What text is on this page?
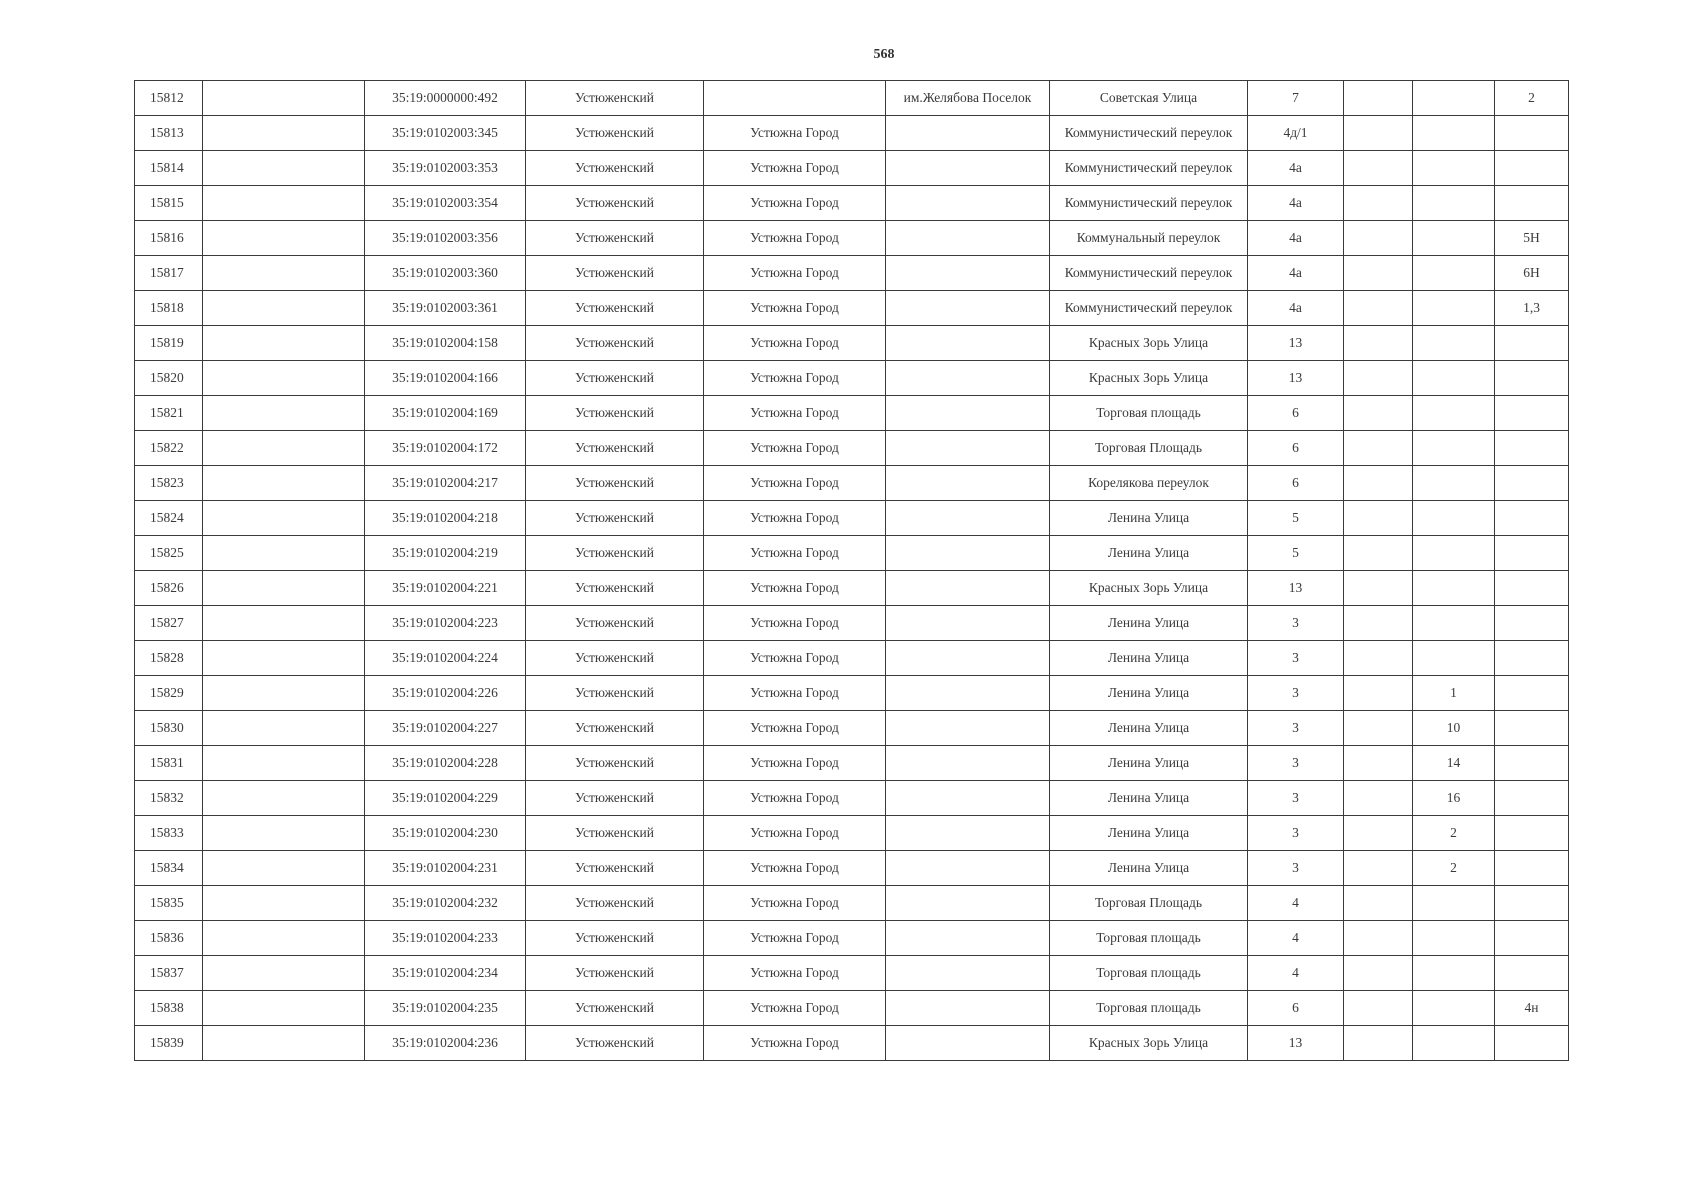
568
15812		35:19:0000000:492	Устюженский		им.Желябова Поселок	Советская Улица	7			2
15813		35:19:0102003:345	Устюженский	Устюжна Город		Коммунистический переулок	4д/1			
15814		35:19:0102003:353	Устюженский	Устюжна Город		Коммунистический переулок	4а			
15815		35:19:0102003:354	Устюженский	Устюжна Город		Коммунистический переулок	4а			
15816		35:19:0102003:356	Устюженский	Устюжна Город		Коммунальный переулок	4а			5Н
15817		35:19:0102003:360	Устюженский	Устюжна Город		Коммунистический переулок	4а			6Н
15818		35:19:0102003:361	Устюженский	Устюжна Город		Коммунистический переулок	4а			1,3
15819		35:19:0102004:158	Устюженский	Устюжна Город		Красных Зорь Улица	13			
15820		35:19:0102004:166	Устюженский	Устюжна Город		Красных Зорь Улица	13			
15821		35:19:0102004:169	Устюженский	Устюжна Город		Торговая площадь	6			
15822		35:19:0102004:172	Устюженский	Устюжна Город		Торговая Площадь	6			
15823		35:19:0102004:217	Устюженский	Устюжна Город		Корелякова переулок	6			
15824		35:19:0102004:218	Устюженский	Устюжна Город		Ленина Улица	5			
15825		35:19:0102004:219	Устюженский	Устюжна Город		Ленина Улица	5			
15826		35:19:0102004:221	Устюженский	Устюжна Город		Красных Зорь Улица	13			
15827		35:19:0102004:223	Устюженский	Устюжна Город		Ленина Улица	3			
15828		35:19:0102004:224	Устюженский	Устюжна Город		Ленина Улица	3			
15829		35:19:0102004:226	Устюженский	Устюжна Город		Ленина Улица	3		1	
15830		35:19:0102004:227	Устюженский	Устюжна Город		Ленина Улица	3		10	
15831		35:19:0102004:228	Устюженский	Устюжна Город		Ленина Улица	3		14	
15832		35:19:0102004:229	Устюженский	Устюжна Город		Ленина Улица	3		16	
15833		35:19:0102004:230	Устюженский	Устюжна Город		Ленина Улица	3		2	
15834		35:19:0102004:231	Устюженский	Устюжна Город		Ленина Улица	3		2	
15835		35:19:0102004:232	Устюженский	Устюжна Город		Торговая Площадь	4			
15836		35:19:0102004:233	Устюженский	Устюжна Город		Торговая площадь	4			
15837		35:19:0102004:234	Устюженский	Устюжна Город		Торговая площадь	4			
15838		35:19:0102004:235	Устюженский	Устюжна Город		Торговая площадь	6			4н
15839		35:19:0102004:236	Устюженский	Устюжна Город		Красных Зорь Улица	13			
